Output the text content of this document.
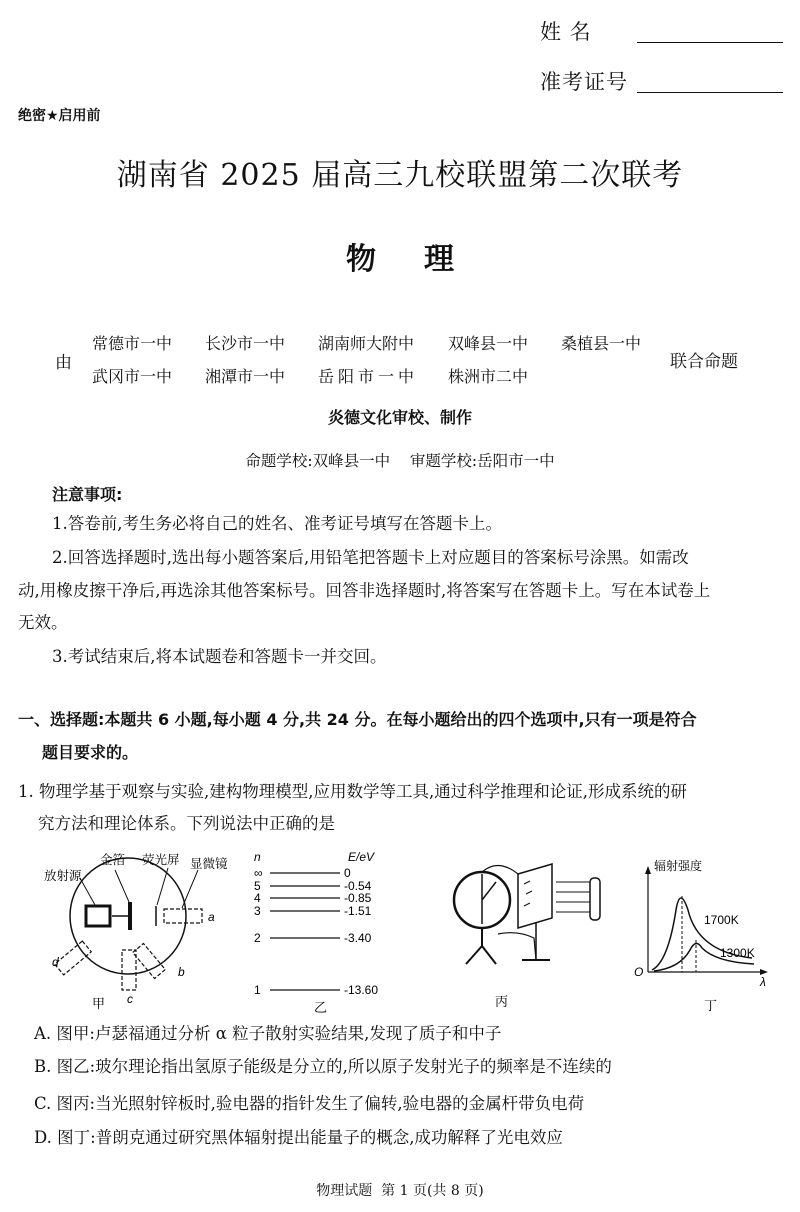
姓 名
准考证号
绝密★启用前
湖南省 2025 届高三九校联盟第二次联考
物理
由
常德市一中 长沙市一中 湖南师大附中 双峰县一中 桑植县一中
武冈市一中 湘潭市一中 岳阳市一中 株洲市二中
联合命题
炎德文化审校、制作
命题学校:双峰县一中    审题学校:岳阳市一中
注意事项:
1.答卷前,考生务必将自己的姓名、准考证号填写在答题卡上。
2.回答选择题时,选出每小题答案后,用铅笔把答题卡上对应题目的答案标号涂黑。如需改
动,用橡皮擦干净后,再选涂其他答案标号。回答非选择题时,将答案写在答题卡上。写在本试卷上
无效。
3.考试结束后,将本试题卷和答题卡一并交回。
一、选择题:本题共 6 小题,每小题 4 分,共 24 分。在每小题给出的四个选项中,只有一项是符合
题目要求的。
1. 物理学基于观察与实验,建构物理模型,应用数学等工具,通过科学推理和论证,形成系统的研
究方法和理论体系。下列说法中正确的是
放射源
金箔 荧光屏 显微镜
a
b
c
d
甲
n	E/eV
∞	0
5	-0.54
4	-0.85
3	-1.51
2	-3.40
1	-13.60
乙	丙
辐射强度
O
λ
1700K
1300K
丁
A. 图甲:卢瑟福通过分析 α 粒子散射实验结果,发现了质子和中子
B. 图乙:玻尔理论指出氢原子能级是分立的,所以原子发射光子的频率是不连续的
C. 图丙:当光照射锌板时,验电器的指针发生了偏转,验电器的金属杆带负电荷
D. 图丁:普朗克通过研究黑体辐射提出能量子的概念,成功解释了光电效应
物理试题  第 1 页(共 8 页)
